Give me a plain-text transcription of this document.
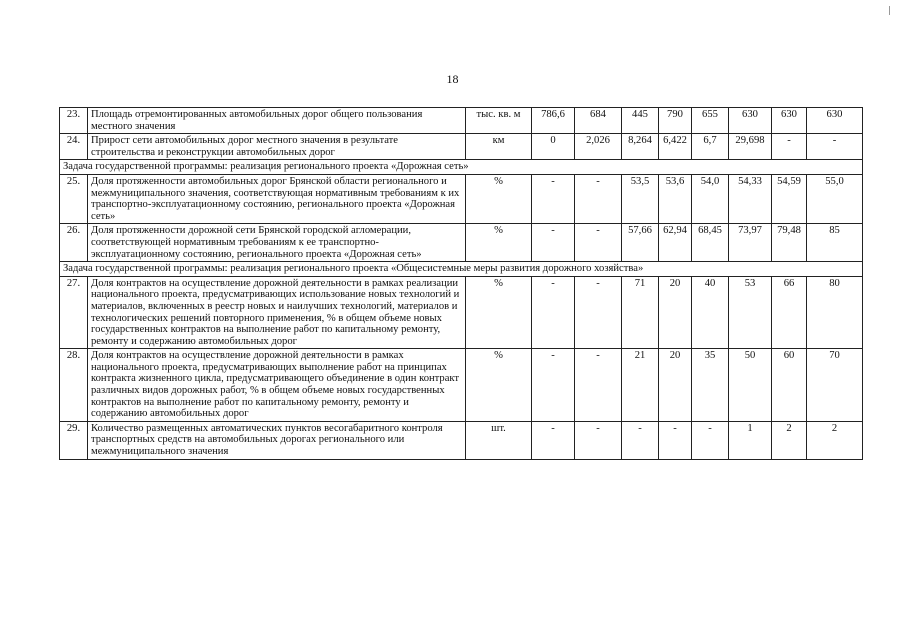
18
23.	Площадь отремонтированных автомобильных дорог общего пользования местного значения	тыс. кв. м	786,6	684	445	790	655	630	630	630
24.	Прирост сети автомобильных дорог местного значения в результате строительства и реконструкции автомобильных дорог	км	0	2,026	8,264	6,422	6,7	29,698	-	-
Задача государственной программы: реализация регионального проекта «Дорожная сеть»										
25.	Доля протяженности автомобильных дорог Брянской области регионального и межмуниципального значения, соответствующая нормативным требованиям к их транспортно-эксплуатационному состоянию, регионального проекта «Дорожная сеть»	%	-	-	53,5	53,6	54,0	54,33	54,59	55,0
26.	Доля протяженности дорожной сети Брянской городской агломерации, соответствующей нормативным требованиям к ее транспортно-эксплуатационному состоянию, регионального проекта «Дорожная сеть»	%	-	-	57,66	62,94	68,45	73,97	79,48	85
Задача государственной программы: реализация регионального проекта «Общесистемные меры развития дорожного хозяйства»										
27.	Доля контрактов на осуществление дорожной деятельности в рамках реализации национального проекта, предусматривающих использование новых технологий и материалов, включенных в реестр новых и наилучших технологий, материалов и технологических решений повторного применения, % в общем объеме новых государственных контрактов на выполнение работ по капитальному ремонту, ремонту и содержанию автомобильных дорог	%	-	-	71	20	40	53	66	80
28.	Доля контрактов на осуществление дорожной деятельности в рамках национального проекта, предусматривающих выполнение работ на принципах контракта жизненного цикла, предусматривающего объединение в один контракт различных видов дорожных работ, % в общем объеме новых государственных контрактов на выполнение работ по капитальному ремонту, ремонту и содержанию автомобильных дорог	%	-	-	21	20	35	50	60	70
29.	Количество размещенных автоматических пунктов весогабаритного контроля транспортных средств на автомобильных дорогах регионального или межмуниципального значения	шт.	-	-	-	-	-	1	2	2
